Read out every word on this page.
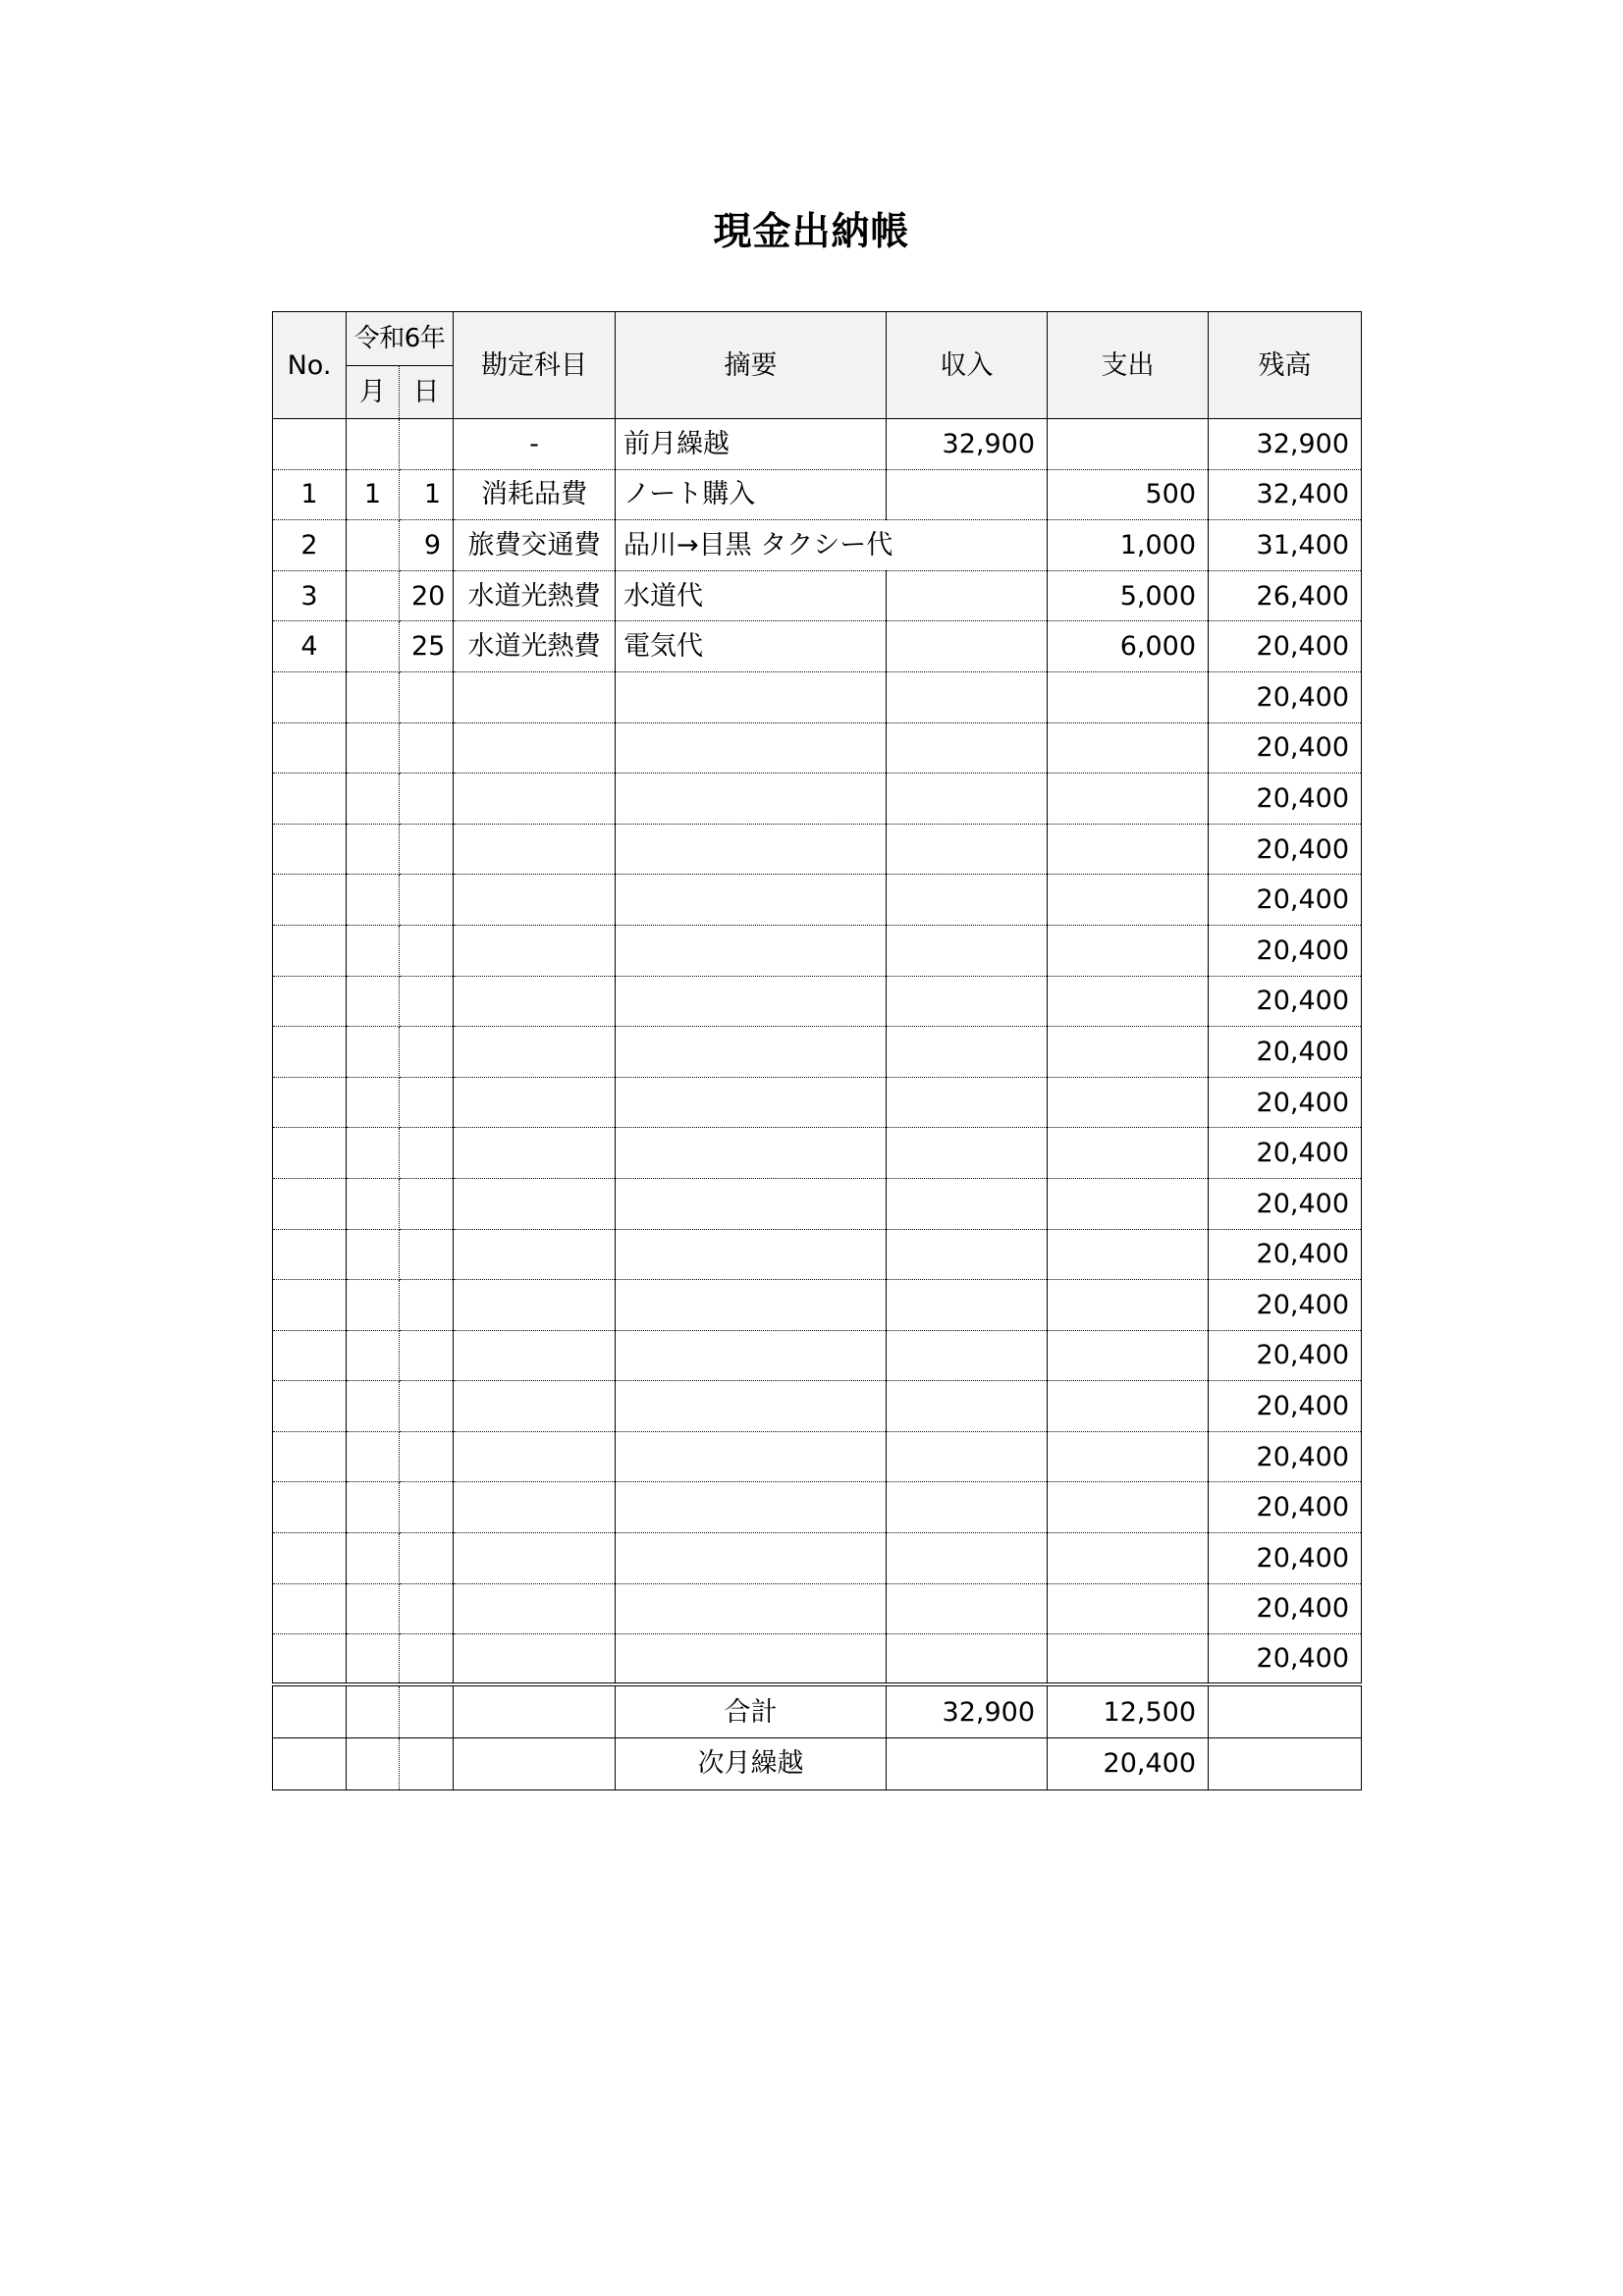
現金出納帳
No.	令和6年		勘定科目	摘要	収入	支出	残高
	月	日					
			-	前月繰越	32,900		32,900
1	1	1	消耗品費	ノート購入		500	32,400
2		9	旅費交通費	品川→目黒 タクシー代		1,000	31,400
3		20	水道光熱費	水道代		5,000	26,400
4		25	水道光熱費	電気代		6,000	20,400
							20,400
							20,400
							20,400
							20,400
							20,400
							20,400
							20,400
							20,400
							20,400
							20,400
							20,400
							20,400
							20,400
							20,400
							20,400
							20,400
							20,400
							20,400
							20,400
							20,400
				合計	32,900	12,500	
				次月繰越		20,400	
